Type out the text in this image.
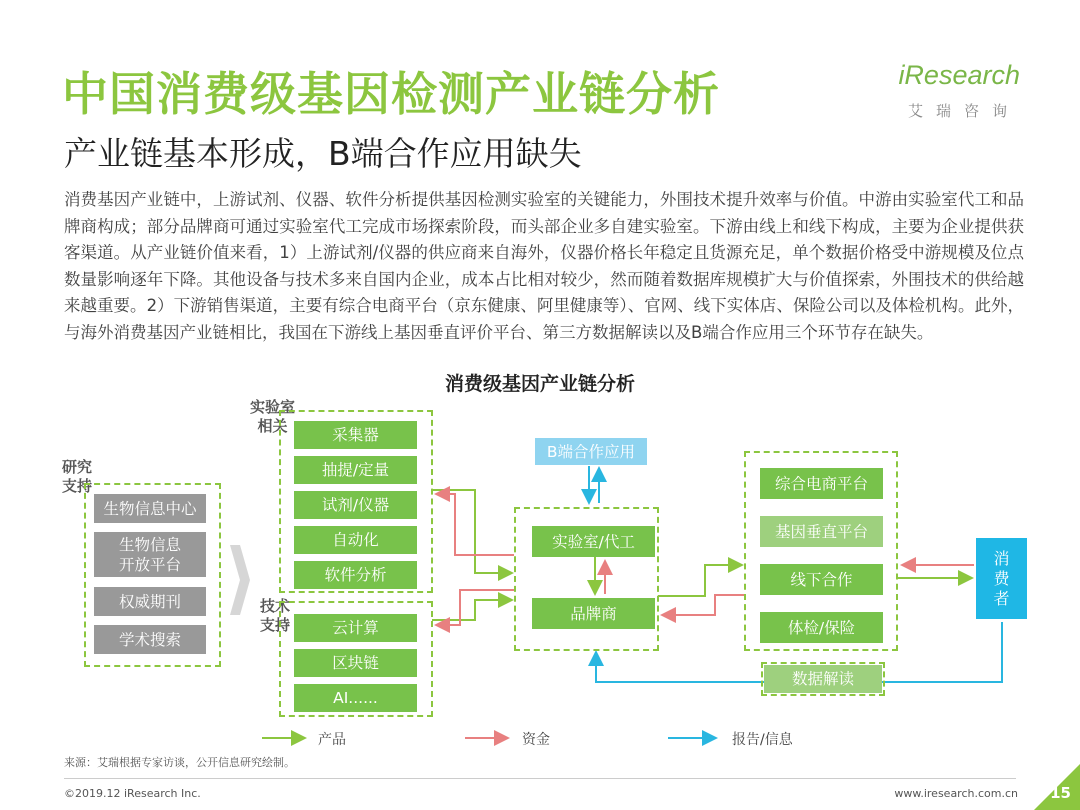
中国消费级基因检测产业链分析
产业链基本形成，B端合作应用缺失
iResearch
艾瑞咨询
消费基因产业链中，上游试剂、仪器、软件分析提供基因检测实验室的关键能力，外围技术提升效率与价值。中游由实验室代工和品牌商构成；部分品牌商可通过实验室代工完成市场探索阶段，而头部企业多自建实验室。下游由线上和线下构成，主要为企业提供获客渠道。从产业链价值来看，1）上游试剂/仪器的供应商来自海外，仪器价格长年稳定且货源充足，单个数据价格受中游规模及位点数量影响逐年下降。其他设备与技术多来自国内企业，成本占比相对较少，然而随着数据库规模扩大与价值探索，外围技术的供给越来越重要。2）下游销售渠道，主要有综合电商平台（京东健康、阿里健康等）、官网、线下实体店、保险公司以及体检机构。此外，与海外消费基因产业链相比，我国在下游线上基因垂直评价平台、第三方数据解读以及B端合作应用三个环节存在缺失。
消费级基因产业链分析
研究
支持
生物信息中心
生物信息
开放平台
权威期刊
学术搜索
实验室
相关	采集器
抽提/定量
试剂/仪器
自动化
软件分析
技术
支持	云计算
区块链
AI......
B端合作应用
实验室/代工
品牌商
综合电商平台
基因垂直平台
线下合作
体检/保险
数据解读
消
费
者
产品	资金	报告/信息
来源：艾瑞根据专家访谈，公开信息研究绘制。
©2019.12 iResearch Inc.	www.iresearch.com.cn 15
